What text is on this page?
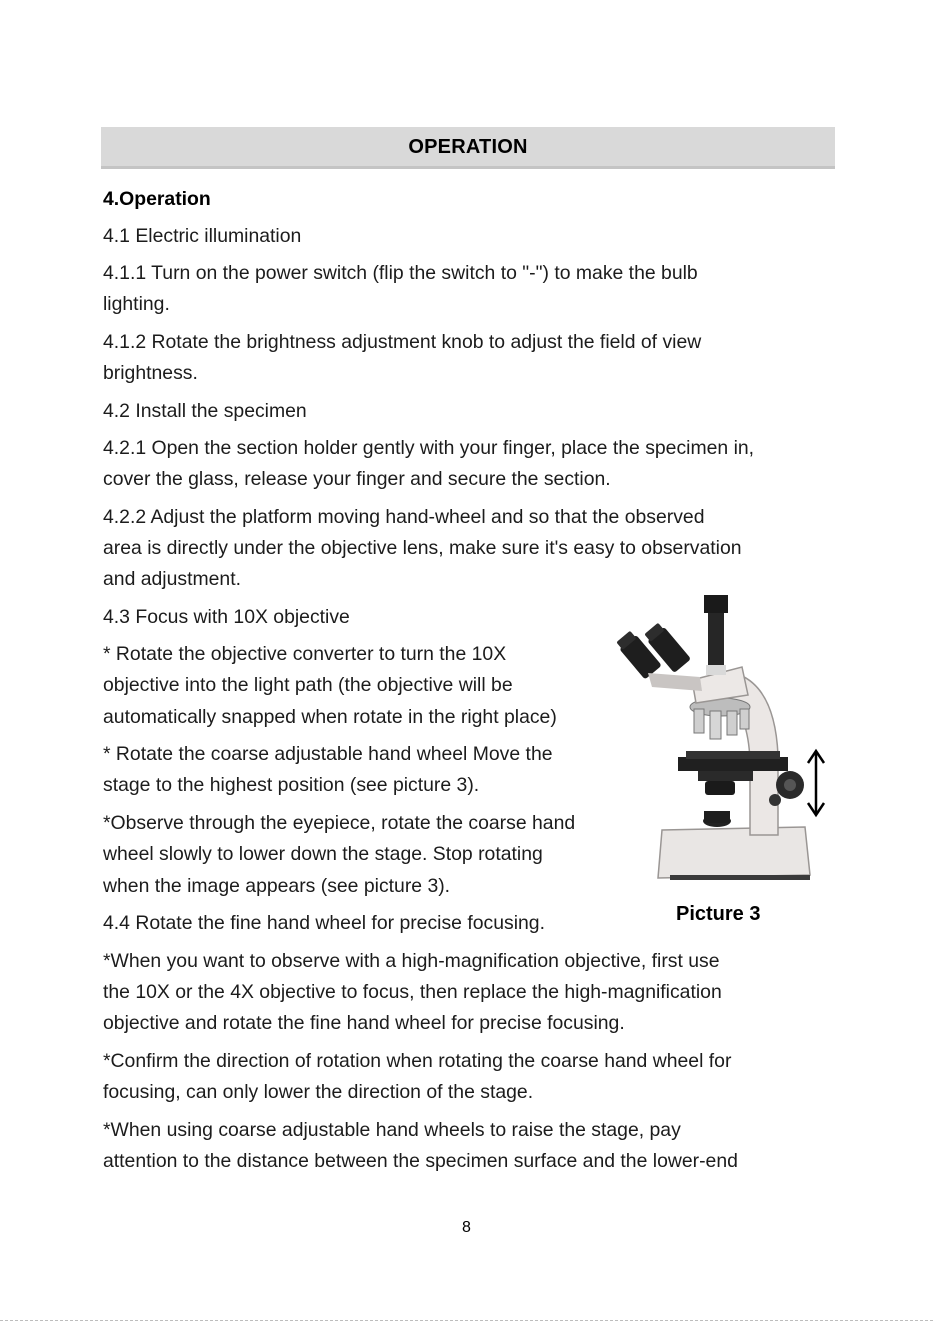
OPERATION
4.Operation
4.1 Electric illumination
4.1.1 Turn on the power switch (flip the switch to "-") to make the bulb
lighting.
4.1.2 Rotate the brightness adjustment knob to adjust the field of view
brightness.
4.2 Install the specimen
4.2.1 Open the section holder gently with your finger, place the specimen in,
cover the glass, release your finger and secure the section.
4.2.2 Adjust the platform moving hand-wheel and so that the observed
area is directly under the objective lens, make sure it's easy to observation
and adjustment.
4.3 Focus with 10X objective
* Rotate the objective converter to turn the 10X
objective into the light path (the objective will be
automatically snapped when rotate in the right place)
* Rotate the coarse adjustable hand wheel Move the
stage to the highest position (see picture 3).
*Observe through the eyepiece, rotate the coarse hand
wheel slowly to lower down the stage. Stop rotating
when the image appears (see picture 3).
4.4 Rotate the fine hand wheel for precise focusing.
*When you want to observe with a high-magnification objective, first use
the 10X or the 4X objective to focus, then replace the high-magnification
objective and rotate the fine hand wheel for precise focusing.
*Confirm the direction of rotation when rotating the coarse hand wheel for
focusing, can only lower the direction of the stage.
*When using coarse adjustable hand wheels to raise the stage, pay
attention to the distance between the specimen surface and the lower-end
Picture 3
8
